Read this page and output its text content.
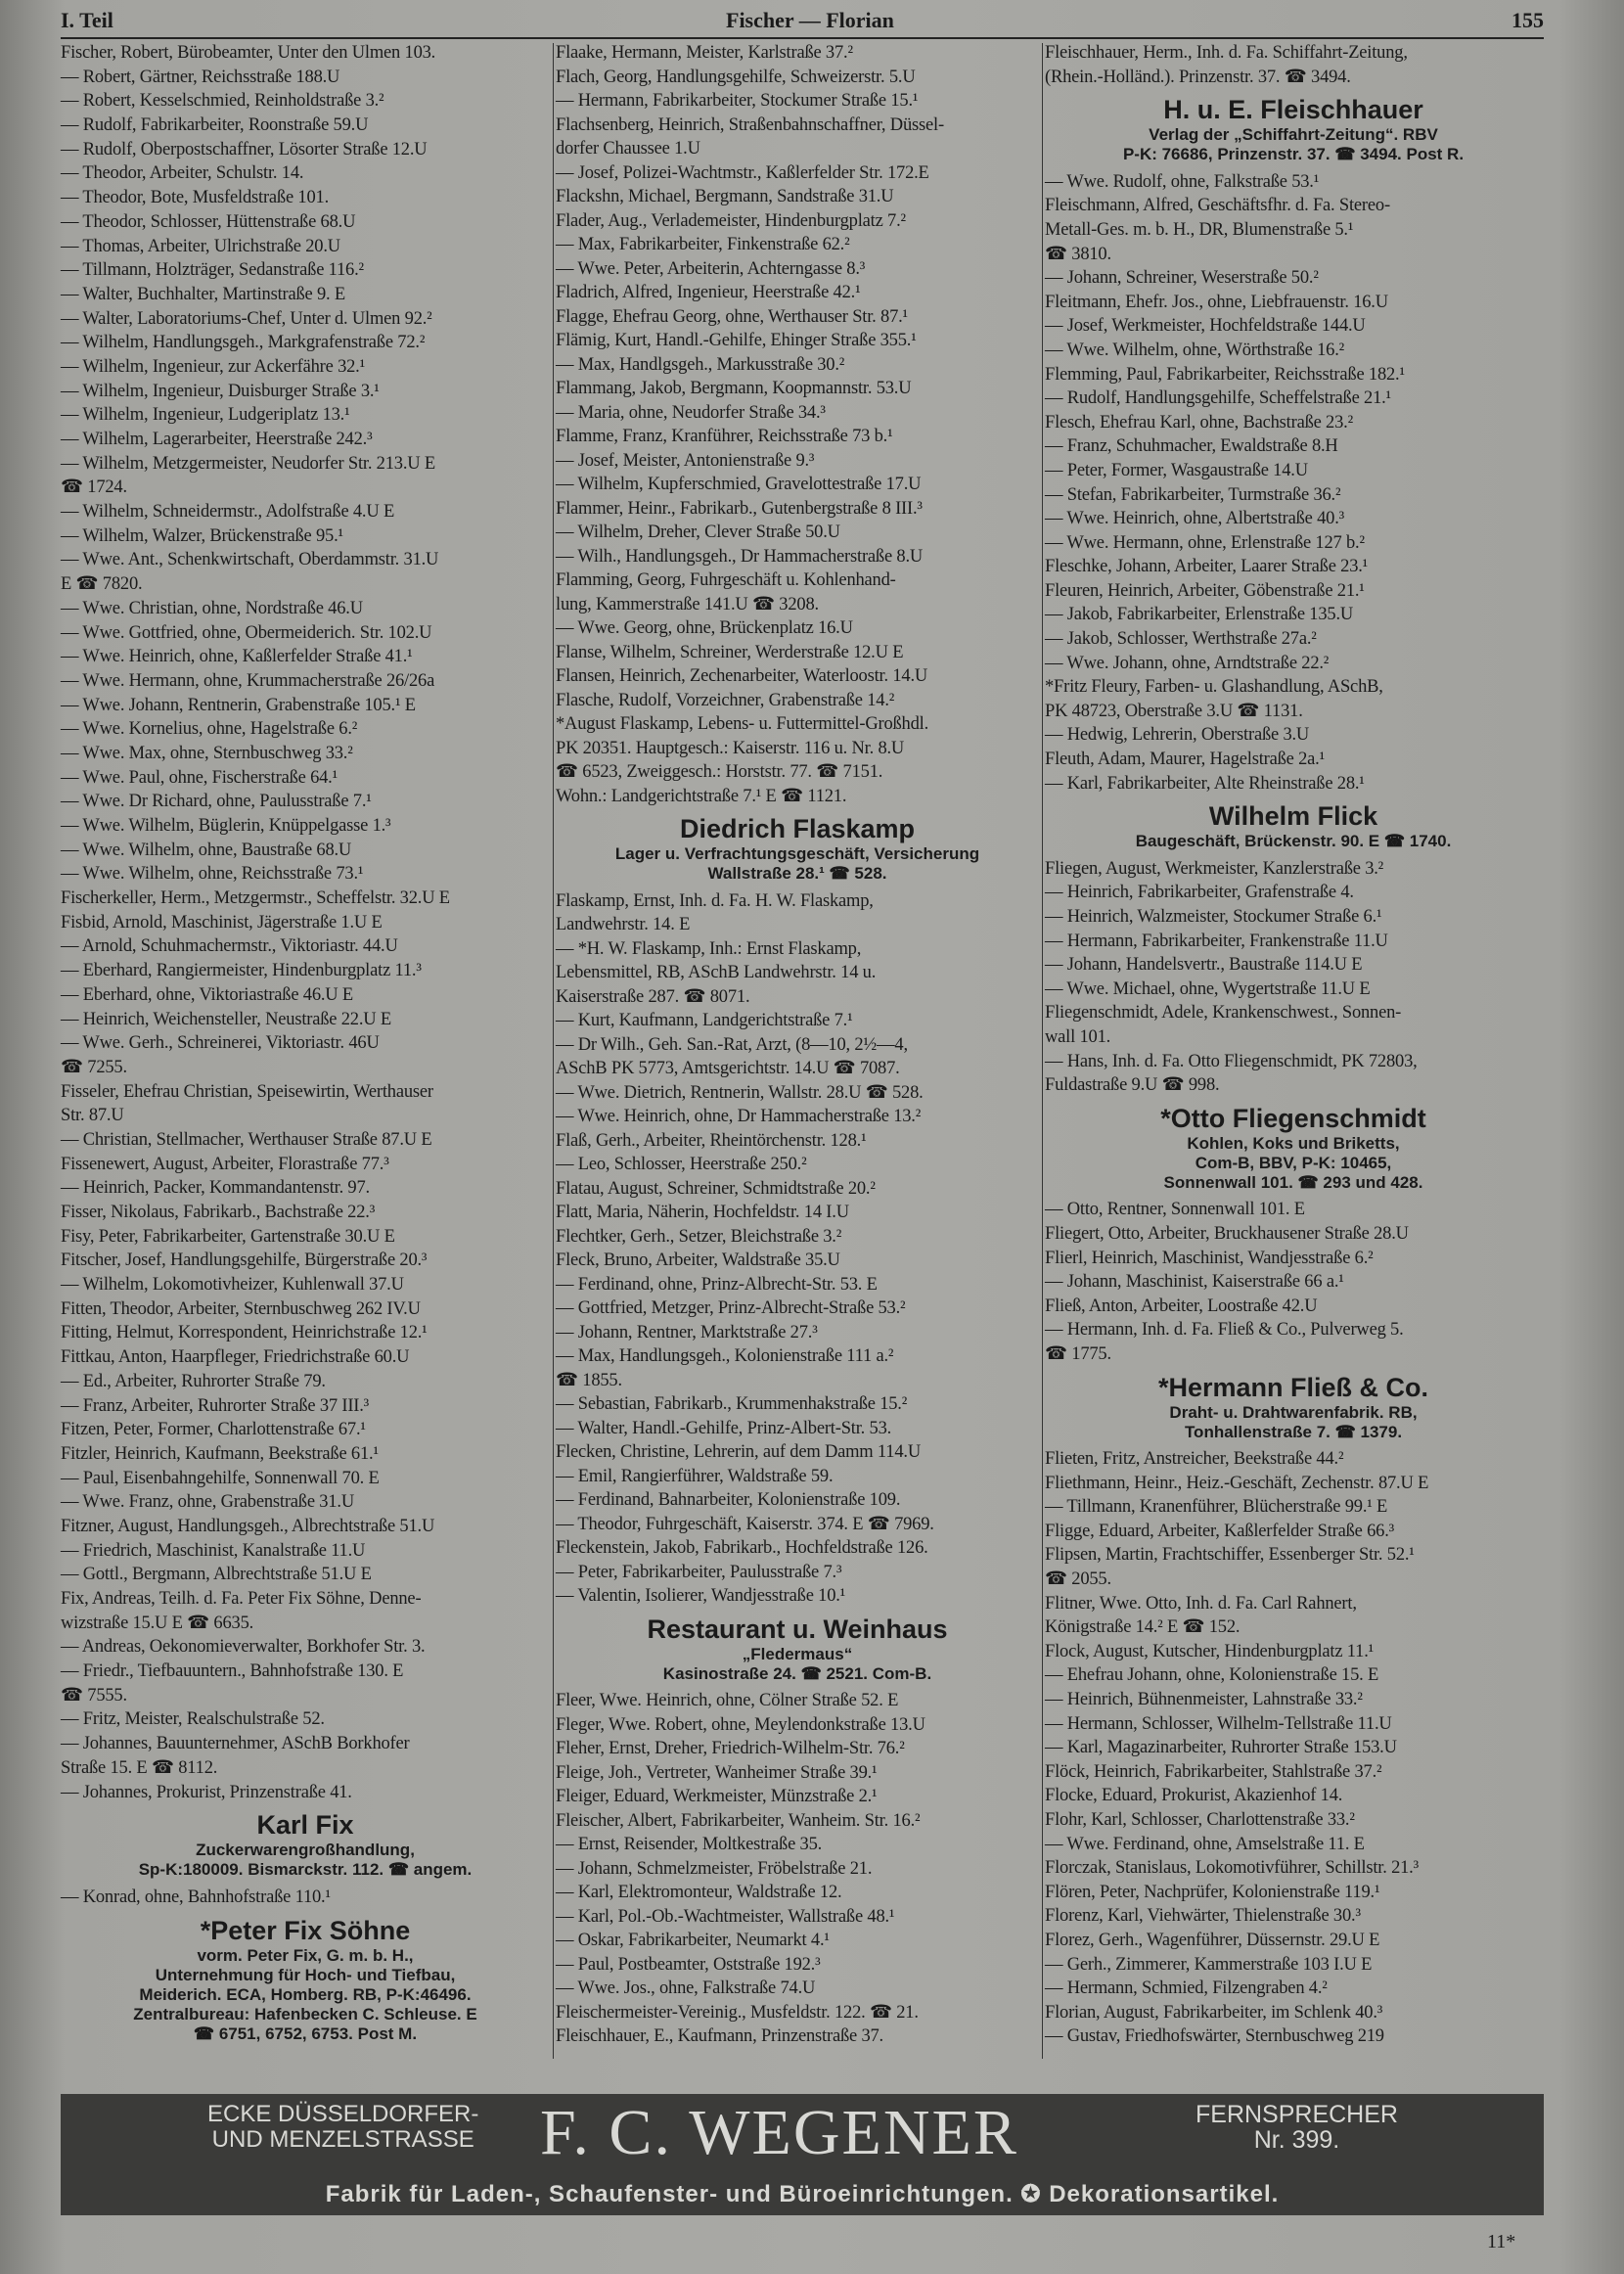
I. Teil	Fischer — Florian	155
Fischer, Robert, Bürobeamter, Unter den Ulmen 103.
— Robert, Gärtner, Reichsstraße 188.U
— Robert, Kesselschmied, Reinholdstraße 3.²
— Rudolf, Fabrikarbeiter, Roonstraße 59.U
— Rudolf, Oberpostschaffner, Lösorter Straße 12.U
— Theodor, Arbeiter, Schulstr. 14.
— Theodor, Bote, Musfeldstraße 101.
— Theodor, Schlosser, Hüttenstraße 68.U
— Thomas, Arbeiter, Ulrichstraße 20.U
— Tillmann, Holzträger, Sedanstraße 116.²
— Walter, Buchhalter, Martinstraße 9. E
— Walter, Laboratoriums-Chef, Unter d. Ulmen 92.²
— Wilhelm, Handlungsgeh., Markgrafenstraße 72.²
— Wilhelm, Ingenieur, zur Ackerfähre 32.¹
— Wilhelm, Ingenieur, Duisburger Straße 3.¹
— Wilhelm, Ingenieur, Ludgeriplatz 13.¹
— Wilhelm, Lagerarbeiter, Heerstraße 242.³
— Wilhelm, Metzgermeister, Neudorfer Str. 213.U E
☎ 1724.
— Wilhelm, Schneidermstr., Adolfstraße 4.U E
— Wilhelm, Walzer, Brückenstraße 95.¹
— Wwe. Ant., Schenkwirtschaft, Oberdammstr. 31.U
E ☎ 7820.
— Wwe. Christian, ohne, Nordstraße 46.U
— Wwe. Gottfried, ohne, Obermeiderich. Str. 102.U
— Wwe. Heinrich, ohne, Kaßlerfelder Straße 41.¹
— Wwe. Hermann, ohne, Krummacherstraße 26/26a
— Wwe. Johann, Rentnerin, Grabenstraße 105.¹ E
— Wwe. Kornelius, ohne, Hagelstraße 6.²
— Wwe. Max, ohne, Sternbuschweg 33.²
— Wwe. Paul, ohne, Fischerstraße 64.¹
— Wwe. Dr Richard, ohne, Paulusstraße 7.¹
— Wwe. Wilhelm, Büglerin, Knüppelgasse 1.³
— Wwe. Wilhelm, ohne, Baustraße 68.U
— Wwe. Wilhelm, ohne, Reichsstraße 73.¹
Fischerkeller, Herm., Metzgermstr., Scheffelstr. 32.U E
Fisbid, Arnold, Maschinist, Jägerstraße 1.U E
— Arnold, Schuhmachermstr., Viktoriastr. 44.U
— Eberhard, Rangiermeister, Hindenburgplatz 11.³
— Eberhard, ohne, Viktoriastraße 46.U E
— Heinrich, Weichensteller, Neustraße 22.U E
— Wwe. Gerh., Schreinerei, Viktoriastr. 46U
☎ 7255.
Fisseler, Ehefrau Christian, Speisewirtin, Werthauser
Str. 87.U
— Christian, Stellmacher, Werthauser Straße 87.U E
Fissenewert, August, Arbeiter, Florastraße 77.³
— Heinrich, Packer, Kommandantenstr. 97.
Fisser, Nikolaus, Fabrikarb., Bachstraße 22.³
Fisy, Peter, Fabrikarbeiter, Gartenstraße 30.U E
Fitscher, Josef, Handlungsgehilfe, Bürgerstraße 20.³
— Wilhelm, Lokomotivheizer, Kuhlenwall 37.U
Fitten, Theodor, Arbeiter, Sternbuschweg 262 IV.U
Fitting, Helmut, Korrespondent, Heinrichstraße 12.¹
Fittkau, Anton, Haarpfleger, Friedrichstraße 60.U
— Ed., Arbeiter, Ruhrorter Straße 79.
— Franz, Arbeiter, Ruhrorter Straße 37 III.³
Fitzen, Peter, Former, Charlottenstraße 67.¹
Fitzler, Heinrich, Kaufmann, Beekstraße 61.¹
— Paul, Eisenbahngehilfe, Sonnenwall 70. E
— Wwe. Franz, ohne, Grabenstraße 31.U
Fitzner, August, Handlungsgeh., Albrechtstraße 51.U
— Friedrich, Maschinist, Kanalstraße 11.U
— Gottl., Bergmann, Albrechtstraße 51.U E
Fix, Andreas, Teilh. d. Fa. Peter Fix Söhne, Denne-
wizstraße 15.U E ☎ 6635.
— Andreas, Oekonomieverwalter, Borkhofer Str. 3.
— Friedr., Tiefbauuntern., Bahnhofstraße 130. E
☎ 7555.
— Fritz, Meister, Realschulstraße 52.
— Johannes, Bauunternehmer, ASchB Borkhofer
Straße 15. E ☎ 8112.
— Johannes, Prokurist, Prinzenstraße 41.
Karl Fix
Zuckerwarengroßhandlung,
Sp-K:180009. Bismarckstr. 112. ☎ angem.
— Konrad, ohne, Bahnhofstraße 110.¹
*Peter Fix Söhne
vorm. Peter Fix, G. m. b. H.,
Unternehmung für Hoch- und Tiefbau,
Meiderich. ECA, Homberg. RB, P-K:46496.
Zentralbureau: Hafenbecken C. Schleuse. E
☎ 6751, 6752, 6753. Post M.
Flaake, Hermann, Meister, Karlstraße 37.²
Flach, Georg, Handlungsgehilfe, Schweizerstr. 5.U
— Hermann, Fabrikarbeiter, Stockumer Straße 15.¹
Flachsenberg, Heinrich, Straßenbahnschaffner, Düssel-
dorfer Chaussee 1.U
— Josef, Polizei-Wachtmstr., Kaßlerfelder Str. 172.E
Flackshn, Michael, Bergmann, Sandstraße 31.U
Flader, Aug., Verlademeister, Hindenburgplatz 7.²
— Max, Fabrikarbeiter, Finkenstraße 62.²
— Wwe. Peter, Arbeiterin, Achterngasse 8.³
Fladrich, Alfred, Ingenieur, Heerstraße 42.¹
Flagge, Ehefrau Georg, ohne, Werthauser Str. 87.¹
Flämig, Kurt, Handl.-Gehilfe, Ehinger Straße 355.¹
— Max, Handlgsgeh., Markusstraße 30.²
Flammang, Jakob, Bergmann, Koopmannstr. 53.U
— Maria, ohne, Neudorfer Straße 34.³
Flamme, Franz, Kranführer, Reichsstraße 73 b.¹
— Josef, Meister, Antonienstraße 9.³
— Wilhelm, Kupferschmied, Gravelottestraße 17.U
Flammer, Heinr., Fabrikarb., Gutenbergstraße 8 III.³
— Wilhelm, Dreher, Clever Straße 50.U
— Wilh., Handlungsgeh., Dr Hammacherstraße 8.U
Flamming, Georg, Fuhrgeschäft u. Kohlenhand-
lung, Kammerstraße 141.U ☎ 3208.
— Wwe. Georg, ohne, Brückenplatz 16.U
Flanse, Wilhelm, Schreiner, Werderstraße 12.U E
Flansen, Heinrich, Zechenarbeiter, Waterloostr. 14.U
Flasche, Rudolf, Vorzeichner, Grabenstraße 14.²
*August Flaskamp, Lebens- u. Futtermittel-Großhdl.
PK 20351. Hauptgesch.: Kaiserstr. 116 u. Nr. 8.U
☎ 6523, Zweiggesch.: Horststr. 77. ☎ 7151.
Wohn.: Landgerichtstraße 7.¹ E ☎ 1121.
Diedrich Flaskamp
Lager u. Verfrachtungsgeschäft, Versicherung
Wallstraße 28.¹ ☎ 528.
Flaskamp, Ernst, Inh. d. Fa. H. W. Flaskamp,
Landwehrstr. 14. E
— *H. W. Flaskamp, Inh.: Ernst Flaskamp,
Lebensmittel, RB, ASchB Landwehrstr. 14 u.
Kaiserstraße 287. ☎ 8071.
— Kurt, Kaufmann, Landgerichtstraße 7.¹
— Dr Wilh., Geh. San.-Rat, Arzt, (8—10, 2½—4,
ASchB PK 5773, Amtsgerichtstr. 14.U ☎ 7087.
— Wwe. Dietrich, Rentnerin, Wallstr. 28.U ☎ 528.
— Wwe. Heinrich, ohne, Dr Hammacherstraße 13.²
Flaß, Gerh., Arbeiter, Rheintörchenstr. 128.¹
— Leo, Schlosser, Heerstraße 250.²
Flatau, August, Schreiner, Schmidtstraße 20.²
Flatt, Maria, Näherin, Hochfeldstr. 14 I.U
Flechtker, Gerh., Setzer, Bleichstraße 3.²
Fleck, Bruno, Arbeiter, Waldstraße 35.U
— Ferdinand, ohne, Prinz-Albrecht-Str. 53. E
— Gottfried, Metzger, Prinz-Albrecht-Straße 53.²
— Johann, Rentner, Marktstraße 27.³
— Max, Handlungsgeh., Kolonienstraße 111 a.²
☎ 1855.
— Sebastian, Fabrikarb., Krummenhakstraße 15.²
— Walter, Handl.-Gehilfe, Prinz-Albert-Str. 53.
Flecken, Christine, Lehrerin, auf dem Damm 114.U
— Emil, Rangierführer, Waldstraße 59.
— Ferdinand, Bahnarbeiter, Kolonienstraße 109.
— Theodor, Fuhrgeschäft, Kaiserstr. 374. E ☎ 7969.
Fleckenstein, Jakob, Fabrikarb., Hochfeldstraße 126.
— Peter, Fabrikarbeiter, Paulusstraße 7.³
— Valentin, Isolierer, Wandjesstraße 10.¹
Restaurant u. Weinhaus
„Fledermaus“
Kasinostraße 24. ☎ 2521. Com-B.
Fleer, Wwe. Heinrich, ohne, Cölner Straße 52. E
Fleger, Wwe. Robert, ohne, Meylendonkstraße 13.U
Fleher, Ernst, Dreher, Friedrich-Wilhelm-Str. 76.²
Fleige, Joh., Vertreter, Wanheimer Straße 39.¹
Fleiger, Eduard, Werkmeister, Münzstraße 2.¹
Fleischer, Albert, Fabrikarbeiter, Wanheim. Str. 16.²
— Ernst, Reisender, Moltkestraße 35.
— Johann, Schmelzmeister, Fröbelstraße 21.
— Karl, Elektromonteur, Waldstraße 12.
— Karl, Pol.-Ob.-Wachtmeister, Wallstraße 48.¹
— Oskar, Fabrikarbeiter, Neumarkt 4.¹
— Paul, Postbeamter, Oststraße 192.³
— Wwe. Jos., ohne, Falkstraße 74.U
Fleischermeister-Vereinig., Musfeldstr. 122. ☎ 21.
Fleischhauer, E., Kaufmann, Prinzenstraße 37.
Fleischhauer, Herm., Inh. d. Fa. Schiffahrt-Zeitung,
(Rhein.-Holländ.). Prinzenstr. 37. ☎ 3494.
H. u. E. Fleischhauer
Verlag der „Schiffahrt-Zeitung“. RBV
P-K: 76686, Prinzenstr. 37. ☎ 3494. Post R.
— Wwe. Rudolf, ohne, Falkstraße 53.¹
Fleischmann, Alfred, Geschäftsfhr. d. Fa. Stereo-
Metall-Ges. m. b. H., DR, Blumenstraße 5.¹
☎ 3810.
— Johann, Schreiner, Weserstraße 50.²
Fleitmann, Ehefr. Jos., ohne, Liebfrauenstr. 16.U
— Josef, Werkmeister, Hochfeldstraße 144.U
— Wwe. Wilhelm, ohne, Wörthstraße 16.²
Flemming, Paul, Fabrikarbeiter, Reichsstraße 182.¹
— Rudolf, Handlungsgehilfe, Scheffelstraße 21.¹
Flesch, Ehefrau Karl, ohne, Bachstraße 23.²
— Franz, Schuhmacher, Ewaldstraße 8.H
— Peter, Former, Wasgaustraße 14.U
— Stefan, Fabrikarbeiter, Turmstraße 36.²
— Wwe. Heinrich, ohne, Albertstraße 40.³
— Wwe. Hermann, ohne, Erlenstraße 127 b.²
Fleschke, Johann, Arbeiter, Laarer Straße 23.¹
Fleuren, Heinrich, Arbeiter, Göbenstraße 21.¹
— Jakob, Fabrikarbeiter, Erlenstraße 135.U
— Jakob, Schlosser, Werthstraße 27a.²
— Wwe. Johann, ohne, Arndtstraße 22.²
*Fritz Fleury, Farben- u. Glashandlung, ASchB,
PK 48723, Oberstraße 3.U ☎ 1131.
— Hedwig, Lehrerin, Oberstraße 3.U
Fleuth, Adam, Maurer, Hagelstraße 2a.¹
— Karl, Fabrikarbeiter, Alte Rheinstraße 28.¹
Wilhelm Flick
Baugeschäft, Brückenstr. 90. E ☎ 1740.
Fliegen, August, Werkmeister, Kanzlerstraße 3.²
— Heinrich, Fabrikarbeiter, Grafenstraße 4.
— Heinrich, Walzmeister, Stockumer Straße 6.¹
— Hermann, Fabrikarbeiter, Frankenstraße 11.U
— Johann, Handelsvertr., Baustraße 114.U E
— Wwe. Michael, ohne, Wygertstraße 11.U E
Fliegenschmidt, Adele, Krankenschwest., Sonnen-
wall 101.
— Hans, Inh. d. Fa. Otto Fliegenschmidt, PK 72803,
Fuldastraße 9.U ☎ 998.
*Otto Fliegenschmidt
Kohlen, Koks und Briketts,
Com-B, BBV, P-K: 10465,
Sonnenwall 101. ☎ 293 und 428.
— Otto, Rentner, Sonnenwall 101. E
Fliegert, Otto, Arbeiter, Bruckhausener Straße 28.U
Flierl, Heinrich, Maschinist, Wandjesstraße 6.²
— Johann, Maschinist, Kaiserstraße 66 a.¹
Fließ, Anton, Arbeiter, Loostraße 42.U
— Hermann, Inh. d. Fa. Fließ & Co., Pulverweg 5.
☎ 1775.
*Hermann Fließ & Co.
Draht- u. Drahtwarenfabrik. RB,
Tonhallenstraße 7. ☎ 1379.
Flieten, Fritz, Anstreicher, Beekstraße 44.²
Fliethmann, Heinr., Heiz.-Geschäft, Zechenstr. 87.U E
— Tillmann, Kranenführer, Blücherstraße 99.¹ E
Fligge, Eduard, Arbeiter, Kaßlerfelder Straße 66.³
Flipsen, Martin, Frachtschiffer, Essenberger Str. 52.¹
☎ 2055.
Flitner, Wwe. Otto, Inh. d. Fa. Carl Rahnert,
Königstraße 14.² E ☎ 152.
Flock, August, Kutscher, Hindenburgplatz 11.¹
— Ehefrau Johann, ohne, Kolonienstraße 15. E
— Heinrich, Bühnenmeister, Lahnstraße 33.²
— Hermann, Schlosser, Wilhelm-Tellstraße 11.U
— Karl, Magazinarbeiter, Ruhrorter Straße 153.U
Flöck, Heinrich, Fabrikarbeiter, Stahlstraße 37.²
Flocke, Eduard, Prokurist, Akazienhof 14.
Flohr, Karl, Schlosser, Charlottenstraße 33.²
— Wwe. Ferdinand, ohne, Amselstraße 11. E
Florczak, Stanislaus, Lokomotivführer, Schillstr. 21.³
Flören, Peter, Nachprüfer, Kolonienstraße 119.¹
Florenz, Karl, Viehwärter, Thielenstraße 30.³
Florez, Gerh., Wagenführer, Düssernstr. 29.U E
— Gerh., Zimmerer, Kammerstraße 103 I.U E
— Hermann, Schmied, Filzengraben 4.²
Florian, August, Fabrikarbeiter, im Schlenk 40.³
— Gustav, Friedhofswärter, Sternbuschweg 219
ECKE DÜSSELDORFER-
UND MENZELSTRASSE F. C. WEGENER	FERNSPRECHER
Nr. 399.
Fabrik für Laden-, Schaufenster- und Büroeinrichtungen. ✪ Dekorationsartikel.
11*
